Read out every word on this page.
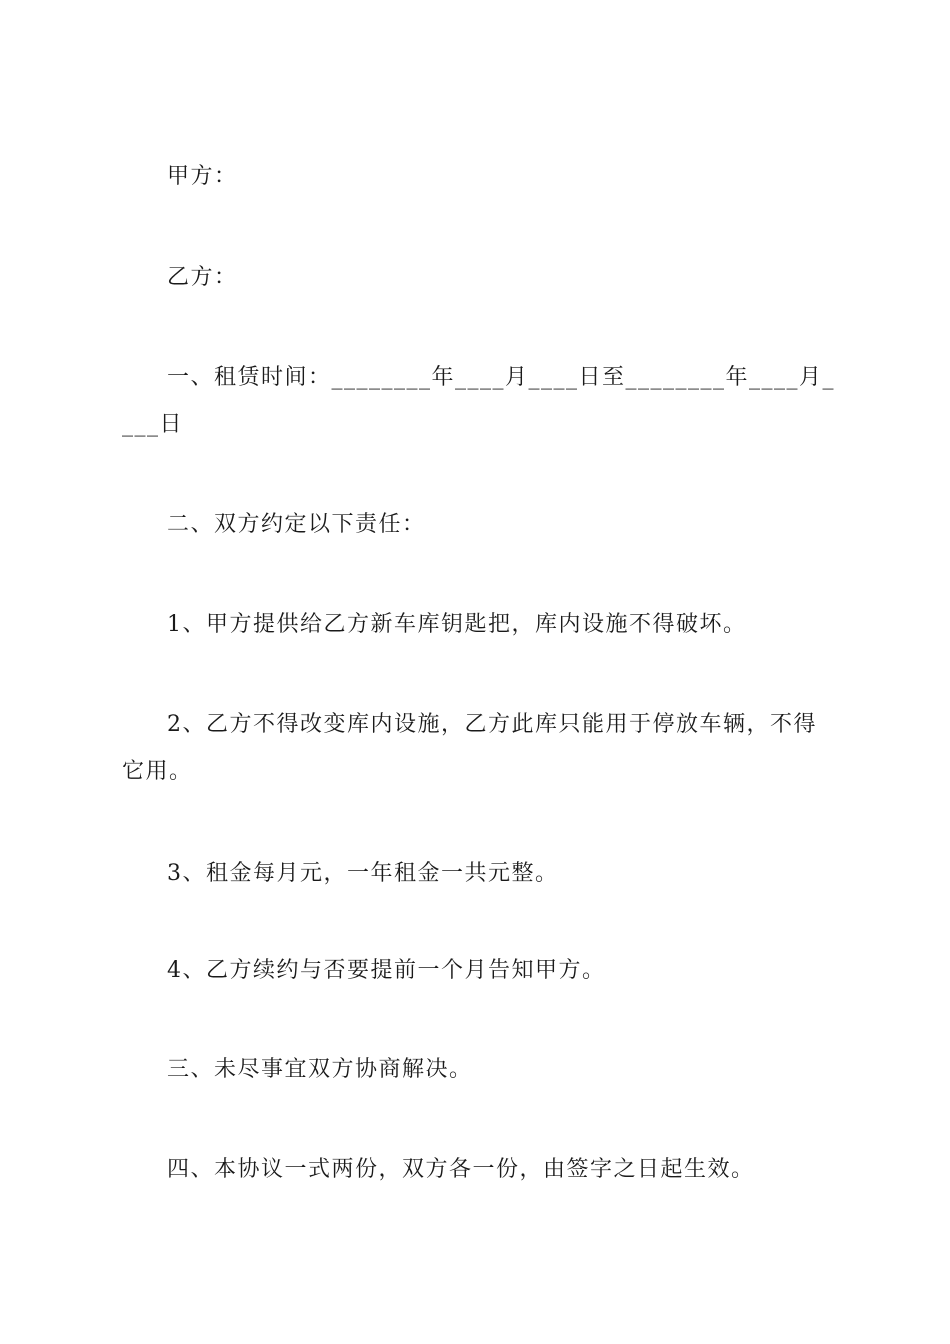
甲方：

乙方：

一、租赁时间：________年____月____日至________年____月____日

二、双方约定以下责任：

1、甲方提供给乙方新车库钥匙把，库内设施不得破坏。

2、乙方不得改变库内设施，乙方此库只能用于停放车辆，不得它用。

3、租金每月元，一年租金一共元整。

4、乙方续约与否要提前一个月告知甲方。

三、未尽事宜双方协商解决。

四、本协议一式两份，双方各一份，由签字之日起生效。
